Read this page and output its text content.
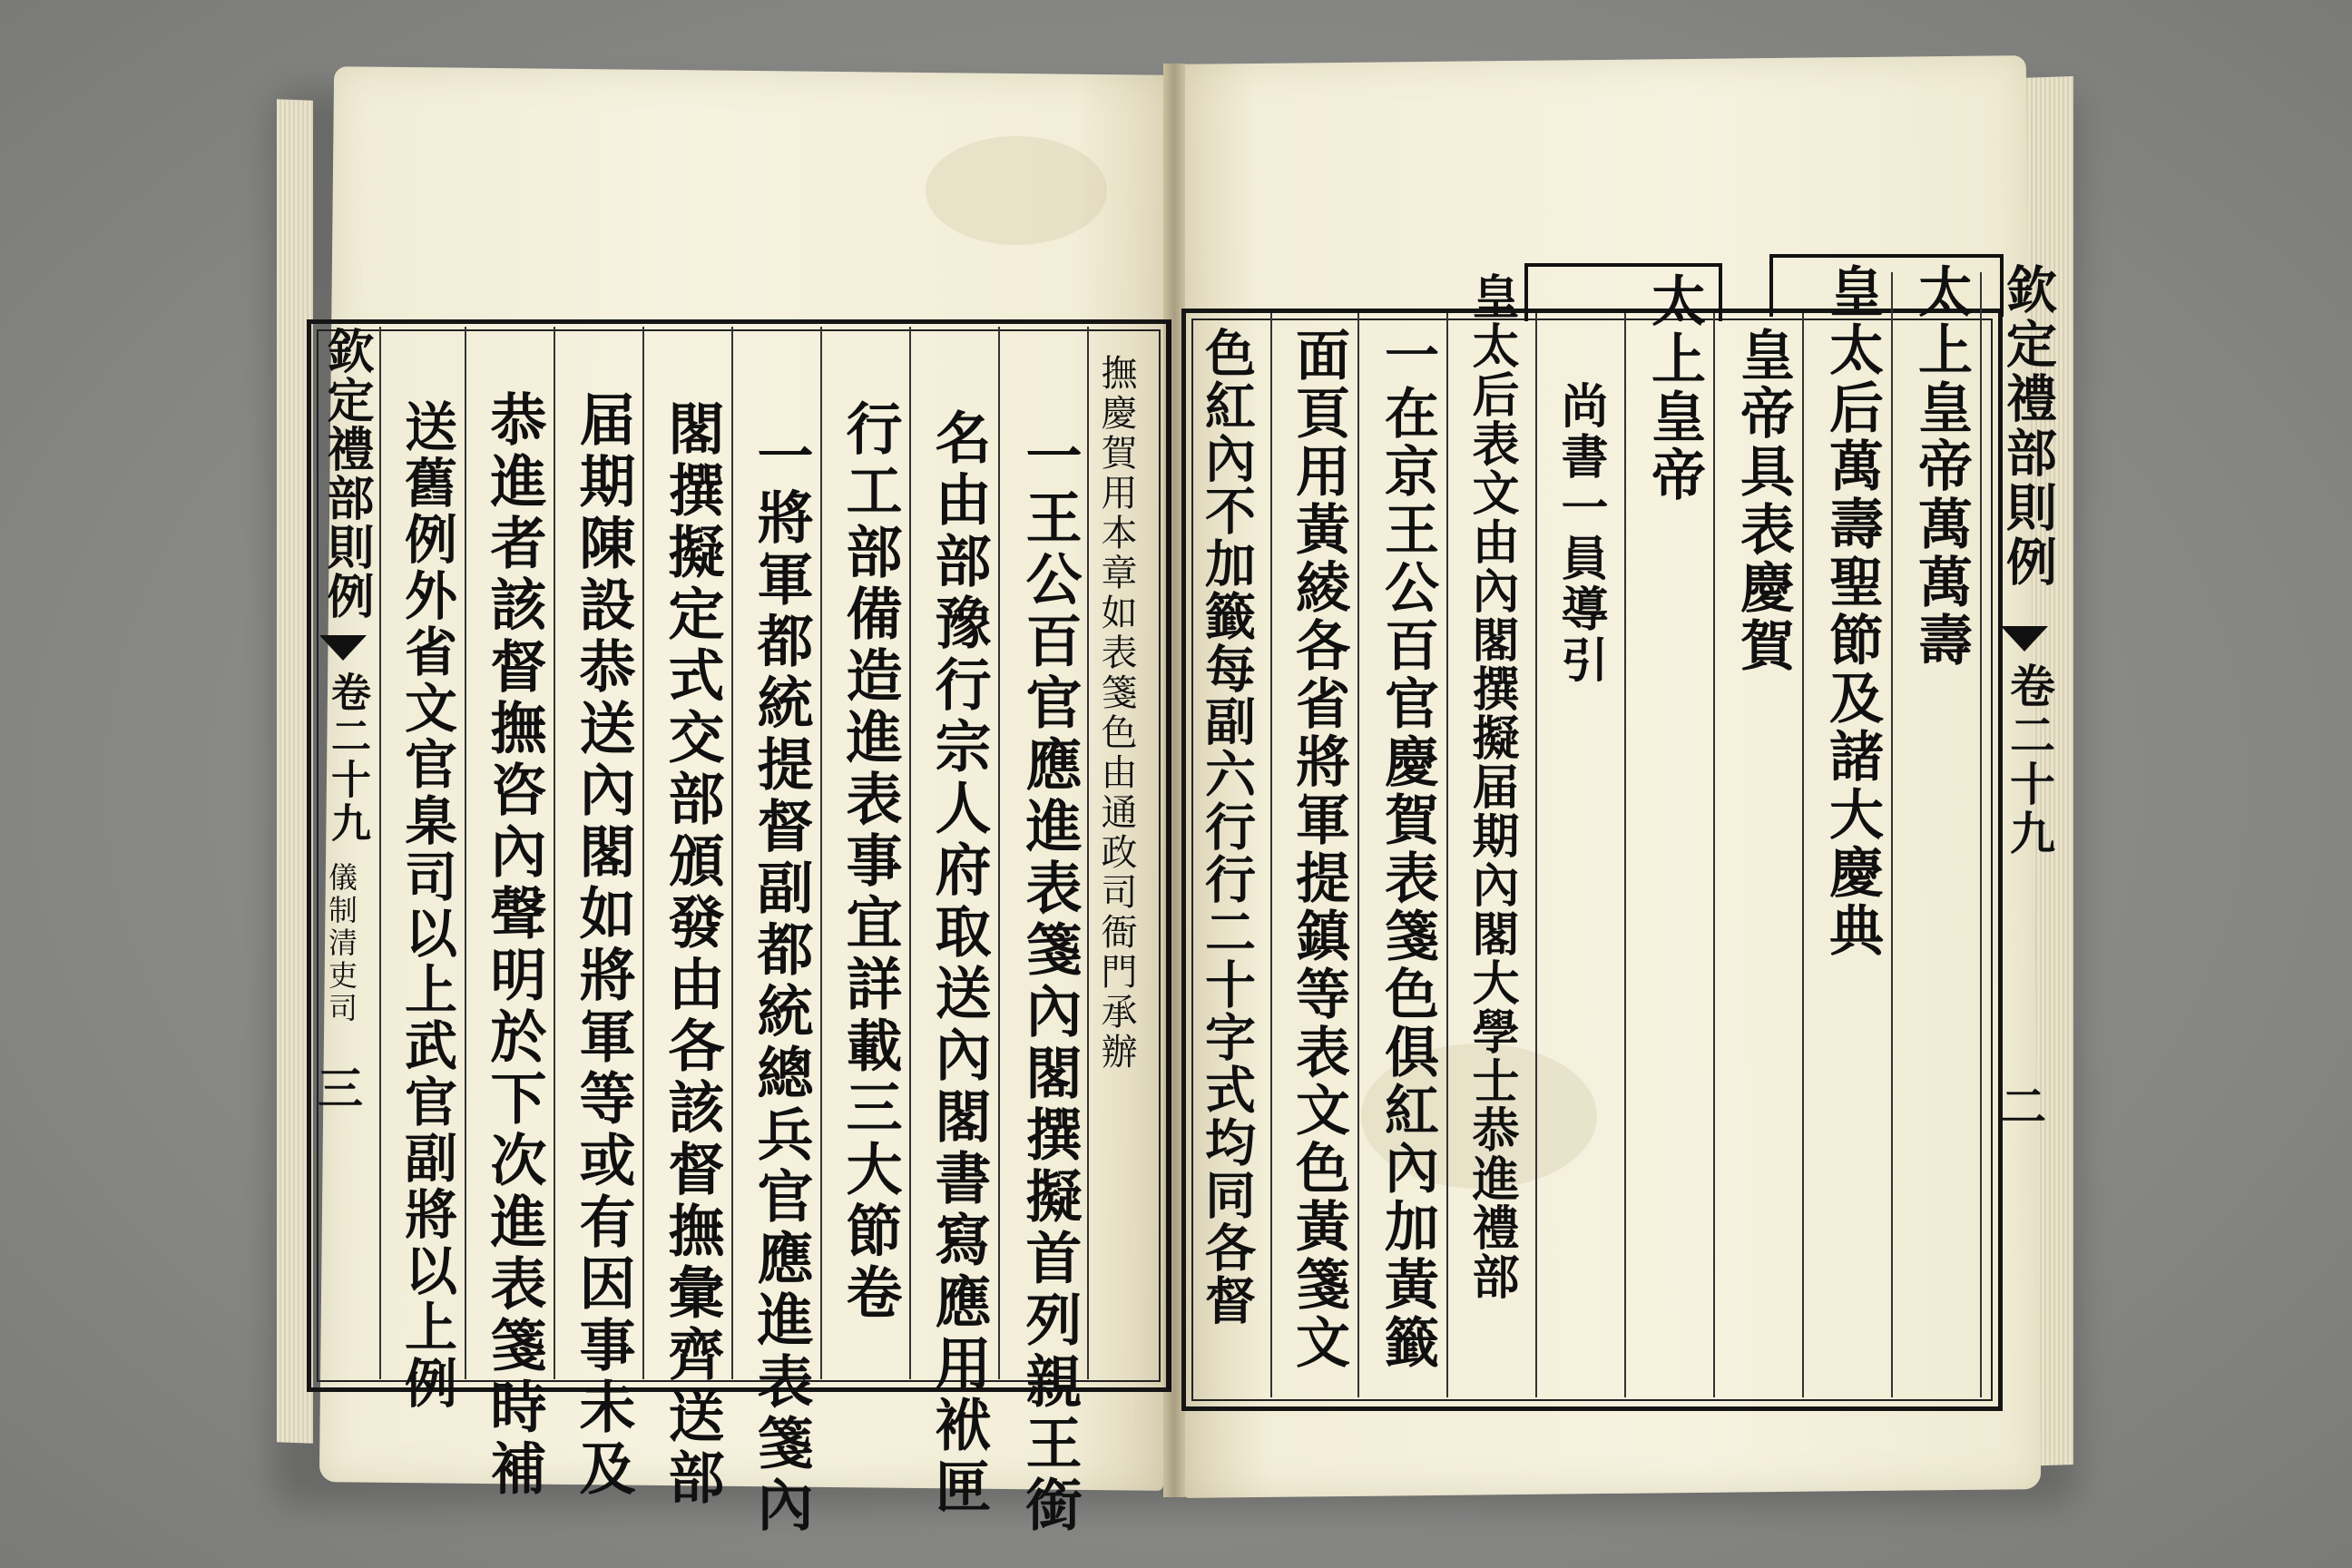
欽定禮部則例
卷二十九
儀制清吏司
三
撫慶賀用本章如表箋色由通政司衙門承辦
一王公百官應進表箋內閣撰擬首列親王銜
名由部豫行宗人府取送內閣書寫應用袱匣
行工部備造進表事宜詳載三大節卷
一將軍都統提督副都統總兵官應進表箋內
閣撰擬定式交部頒發由各該督撫彙齊送部
届期陳設恭送內閣如將軍等或有因事未及
恭進者該督撫咨內聲明於下次進表箋時補
送舊例外省文官臬司以上武官副將以上例	欽定禮部則例
卷二十九
二
太上皇帝萬萬壽
皇太后萬壽聖節及諸大慶典
皇帝具表慶賀
太上皇帝
尚書一員導引
皇太后表文由內閣撰擬届期內閣大學士恭進禮部
一在京王公百官慶賀表箋色俱紅內加黃籤
面頁用黃綾各省將軍提鎮等表文色黃箋文
色紅內不加籤每副六行行二十字式均同各督
